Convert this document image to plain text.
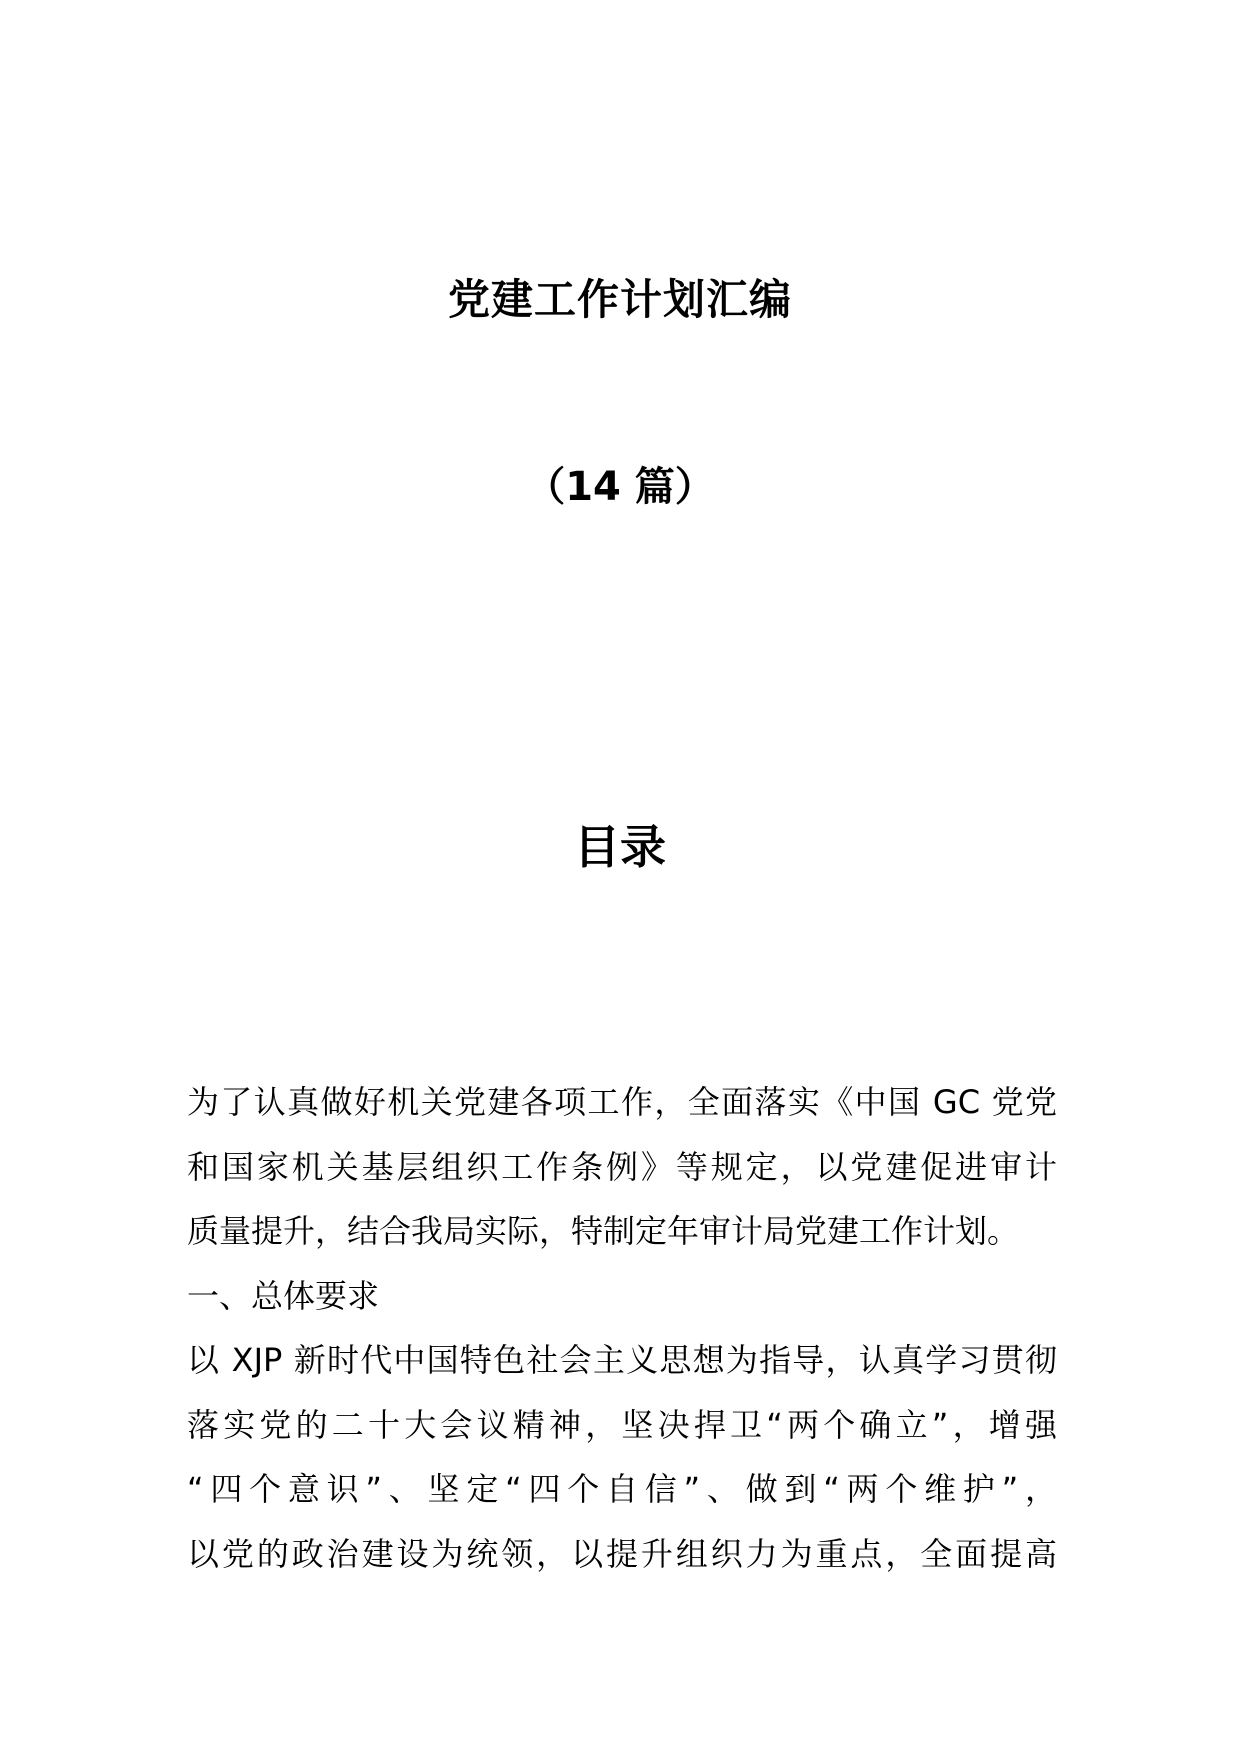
党建工作计划汇编
（14 篇）
目录
为了认真做好机关党建各项工作，全面落实《中国 GC 党党
和国家机关基层组织工作条例》等规定，以党建促进审计
质量提升，结合我局实际，特制定年审计局党建工作计划。
一、总体要求
以 XJP 新时代中国特色社会主义思想为指导，认真学习贯彻
落实党的二十大会议精神，坚决捍卫“两个确立”，增强
“四个意识”、坚定“四个自信”、做到“两个维护”，
以党的政治建设为统领，以提升组织力为重点，全面提高
